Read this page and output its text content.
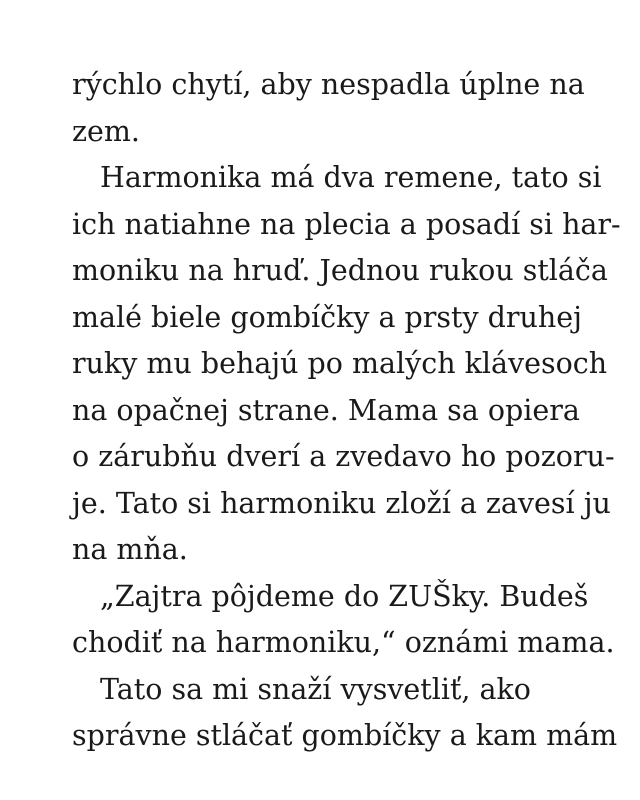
rýchlo chytí, aby nespadla úplne na
zem.
Harmonika má dva remene, tato si
ich natiahne na plecia a posadí si har-
moniku na hruď. Jednou rukou stláča
malé biele gombíčky a prsty druhej
ruky mu behajú po malých klávesoch
na opačnej strane. Mama sa opiera
o zárubňu dverí a zvedavo ho pozoru-
je. Tato si harmoniku zloží a zavesí ju
na mňa.
„Zajtra pôjdeme do ZUŠky. Budeš
chodiť na harmoniku,“ oznámi mama.
Tato sa mi snaží vysvetliť, ako
správne stláčať gombíčky a kam mám
